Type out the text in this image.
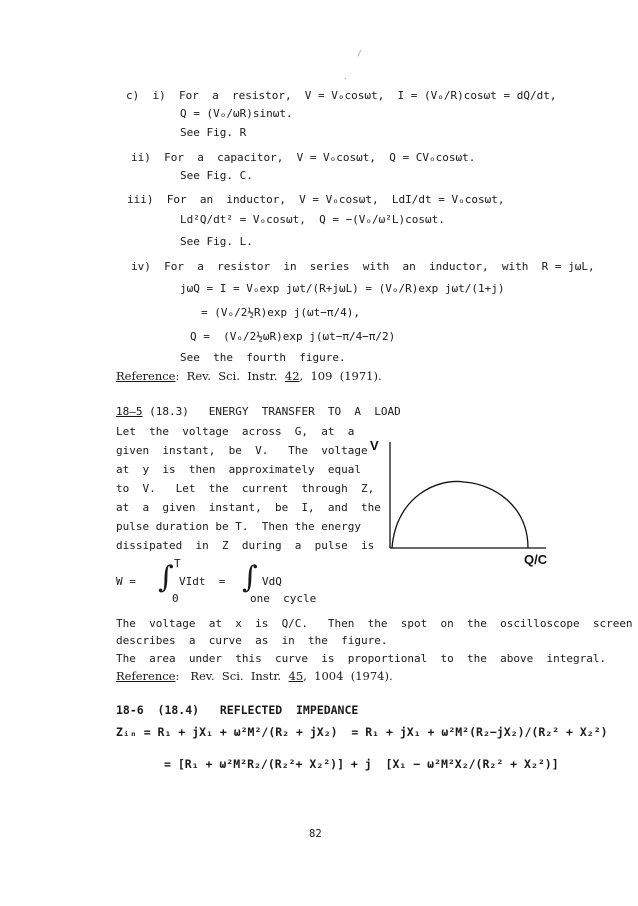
c)  i)  For  a  resistor,  V = Vₒcosωt,  I = (Vₒ/R)cosωt = dQ/dt,
Q = (Vₒ/ωR)sinωt.
See Fig. R
ii)  For  a  capacitor,  V = Vₒcosωt,  Q = CVₒcosωt.
See Fig. C.
iii)  For  an  inductor,  V = Vₒcosωt,  LdI/dt = Vₒcosωt,
Ld²Q/dt² = Vₒcosωt,  Q = −(Vₒ/ω²L)cosωt.
See Fig. L.
iv)  For  a  resistor  in  series  with  an  inductor,  with  R = jωL,
jωQ = I = Vₒexp jωt/(R+jωL) = (Vₒ/R)exp jωt/(1+j)
= (Vₒ/2½R)exp j(ωt−π/4),
Q =  (Vₒ/2½ωR)exp j(ωt−π/4−π/2)
See  the  fourth  figure.
Reference:  Rev.  Sci.  Instr.  42,  109  (1971).
18–5 (18.3)   ENERGY  TRANSFER  TO  A  LOAD
Let  the  voltage  across  G,  at  a
given  instant,  be  V.   The  voltage
at  y  is  then  approximately  equal
to  V.   Let  the  current  through  Z,
at  a  given  instant,  be  I,  and  the
pulse duration be T.  Then the energy
dissipated  in  Z  during  a  pulse  is
T
W = ∫ VIdt  = ∫ VdQ
0	one  cycle
V
Q/C
The  voltage  at  x  is  Q/C.   Then  the  spot  on  the  oscilloscope  screen
describes  a  curve  as  in  the  figure.
The  area  under  this  curve  is  proportional  to  the  above  integral.
Reference:   Rev.  Sci.  Instr.  45,  1004  (1974).
18-6  (18.4)   REFLECTED  IMPEDANCE
Zᵢₙ = R₁ + jX₁ + ω²M²/(R₂ + jX₂)  = R₁ + jX₁ + ω²M²(R₂−jX₂)/(R₂² + X₂²)
= [R₁ + ω²M²R₂/(R₂²+ X₂²)] + j  [X₁ − ω²M²X₂/(R₂² + X₂²)]
82
/
·
